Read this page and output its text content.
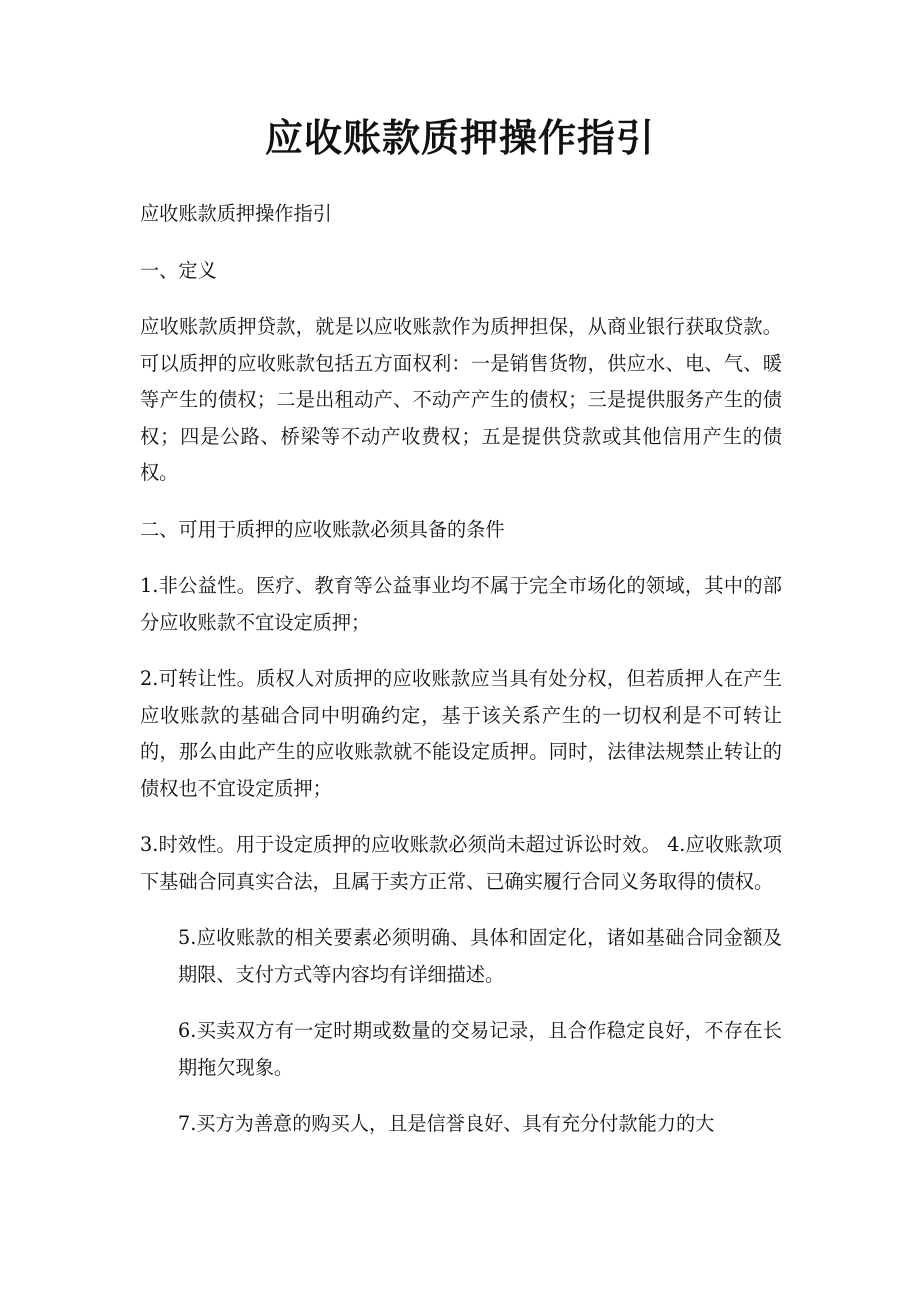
应收账款质押操作指引

应收账款质押操作指引

一、定义

应收账款质押贷款，就是以应收账款作为质押担保，从商业银行获取贷款。可以质押的应收账款包括五方面权利：一是销售货物，供应水、电、气、暖等产生的债权；二是出租动产、不动产产生的债权；三是提供服务产生的债权；四是公路、桥梁等不动产收费权；五是提供贷款或其他信用产生的债权。

二、可用于质押的应收账款必须具备的条件

1.非公益性。医疗、教育等公益事业均不属于完全市场化的领域，其中的部分应收账款不宜设定质押；

2.可转让性。质权人对质押的应收账款应当具有处分权，但若质押人在产生应收账款的基础合同中明确约定，基于该关系产生的一切权利是不可转让的，那么由此产生的应收账款就不能设定质押。同时，法律法规禁止转让的债权也不宜设定质押；

3.时效性。用于设定质押的应收账款必须尚未超过诉讼时效。 4.应收账款项下基础合同真实合法，且属于卖方正常、已确实履行合同义务取得的债权。

5.应收账款的相关要素必须明确、具体和固定化，诸如基础合同金额及期限、支付方式等内容均有详细描述。

6.买卖双方有一定时期或数量的交易记录，且合作稳定良好，不存在长期拖欠现象。

7.买方为善意的购买人，且是信誉良好、具有充分付款能力的大
